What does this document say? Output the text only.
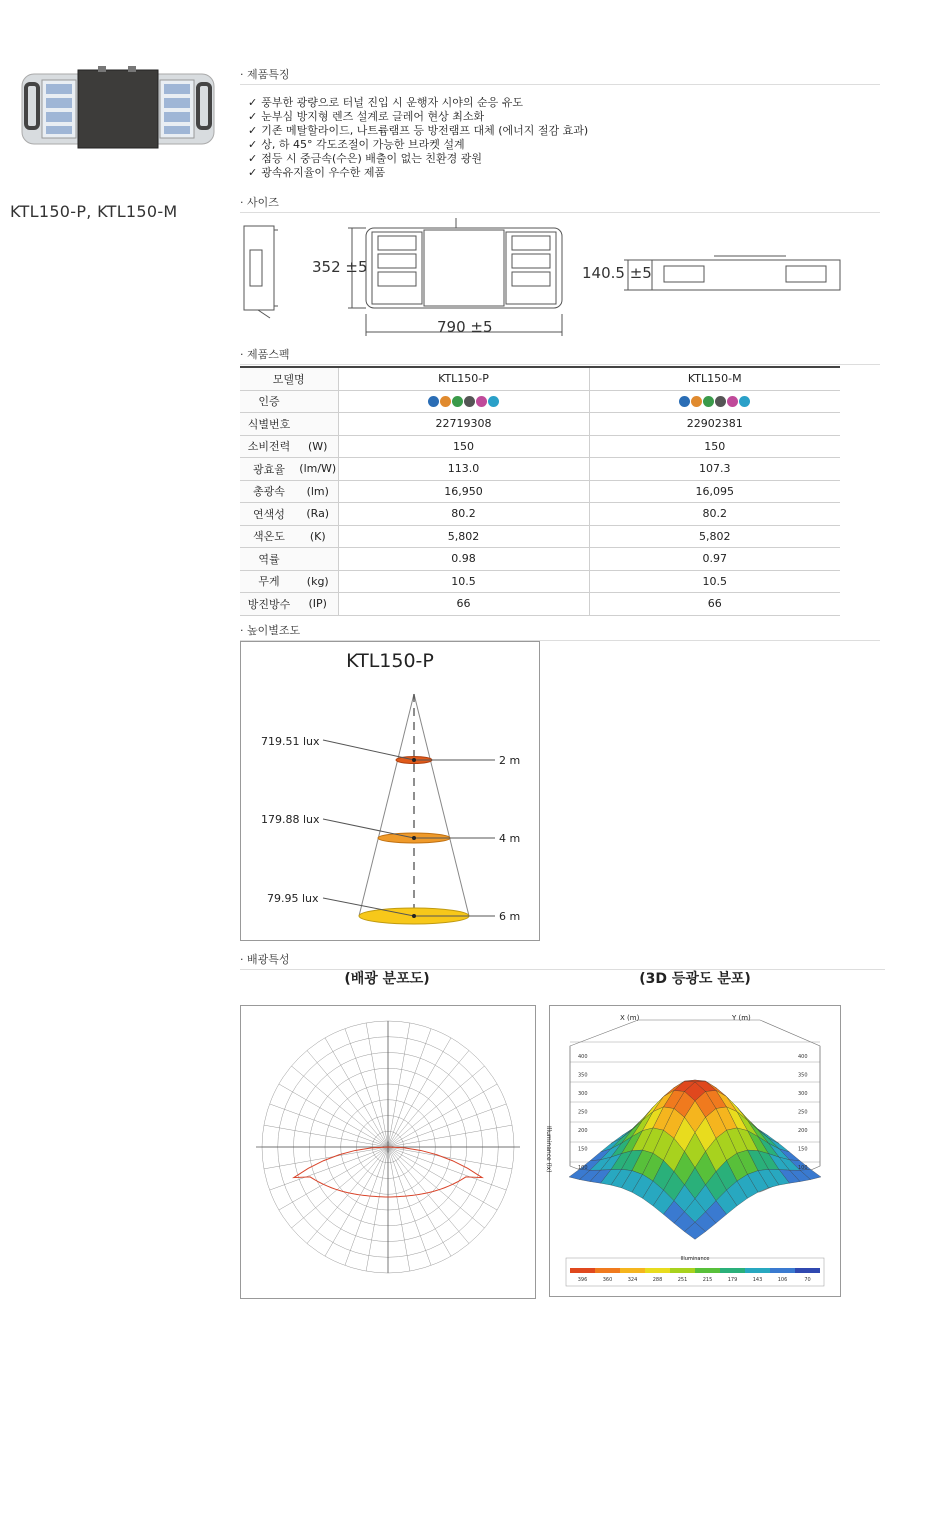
KTL150-P, KTL150-M
· 제품특징
✓ 풍부한 광량으로 터널 진입 시 운행자 시야의 순응 유도
✓ 눈부심 방지형 렌즈 설계로 글레어 현상 최소화
✓ 기존 메탈할라이드, 나트륨램프 등 방전램프 대체 (에너지 절감 효과)
✓ 상, 하 45° 각도조절이 가능한 브라켓 설계
✓ 점등 시 중금속(수은) 배출이 없는 친환경 광원
✓ 광속유지율이 우수한 제품
· 사이즈
352 ±5
790 ±5
140.5 ±5
· 제품스펙
모델명		KTL150-P	KTL150-M
인증			
식별번호		22719308	22902381
소비전력	(W)	150	150
광효율	(lm/W)	113.0	107.3
총광속	(lm)	16,950	16,095
연색성	(Ra)	80.2	80.2
색온도	(K)	5,802	5,802
역률		0.98	0.97
무게	(kg)	10.5	10.5
방진방수	(IP)	66	66
· 높이별조도
KTL150-P
719.51 lux
2 m
179.88 lux
4 m
79.95 lux
6 m
· 배광특성
(배광 분포도)	(3D 등광도 분포)
396	360	324	288	251	215	179	143	106	70
400	400
350	350
300	300
250	250
200	200
150	150
100	100
X (m)	Y (m)
Illuminance (lx)
Illuminance
